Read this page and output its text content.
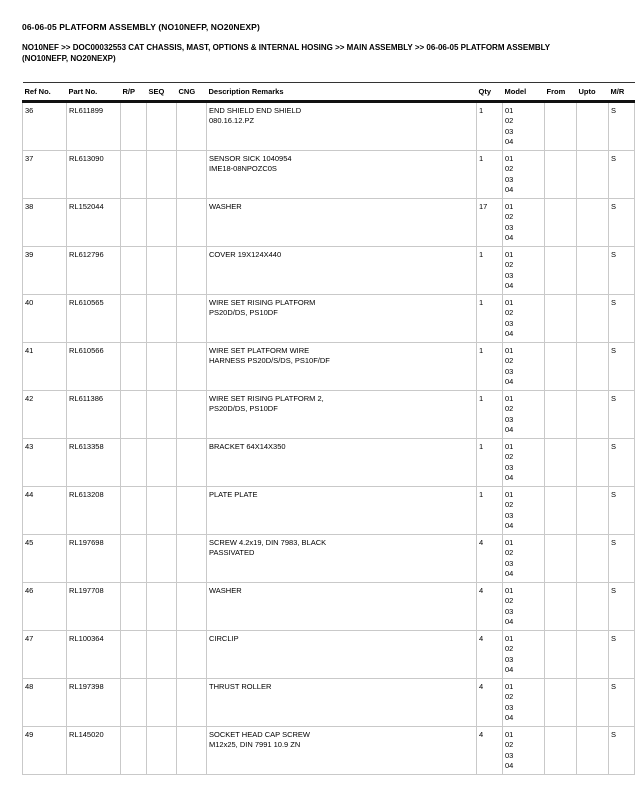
06-06-05 PLATFORM ASSEMBLY (NO10NEFP, NO20NEXP)
NO10NEF >> DOC00032553 CAT CHASSIS, MAST, OPTIONS & INTERNAL HOSING >> MAIN ASSEMBLY >> 06-06-05 PLATFORM ASSEMBLY (NO10NEFP, NO20NEXP)
Ref No.	Part No.	R/P	SEQ	CNG	Description Remarks	Qty	Model	From	Upto	M/R
36	RL611899				END SHIELD END SHIELD
080.16.12.PZ
	1	01
02
03
04
			S
37	RL613090				SENSOR SICK 1040954
IME18-08NPOZC0S
	1	01
02
03
04
			S
38	RL152044				WASHER	17	01
02
03
04			S
39	RL612796				COVER 19X124X440	1	01
02
03
04			S
40	RL610565				WIRE SET RISING PLATFORM
PS20D/DS, PS10DF
	1	01
02
03
04
			S
41	RL610566				WIRE SET PLATFORM WIRE
HARNESS PS20D/S/DS, PS10F/DF
	1	01
02
03
04
			S
42	RL611386				WIRE SET RISING PLATFORM 2,
PS20D/DS, PS10DF
	1	01
02
03
04
			S
43	RL613358				BRACKET 64X14X350	1	01
02
03
04			S
44	RL613208				PLATE PLATE	1	01
02
03
04			S
45	RL197698				SCREW 4.2x19, DIN 7983, BLACK
PASSIVATED
	4	01
02
03
04
			S
46	RL197708				WASHER	4	01
02
03
04			S
47	RL100364				CIRCLIP	4	01
02
03
04			S
48	RL197398				THRUST ROLLER	4	01
02
03
04			S
49	RL145020				SOCKET HEAD CAP SCREW
M12x25, DIN 7991 10.9 ZN
	4	01
02
03
04
			S
